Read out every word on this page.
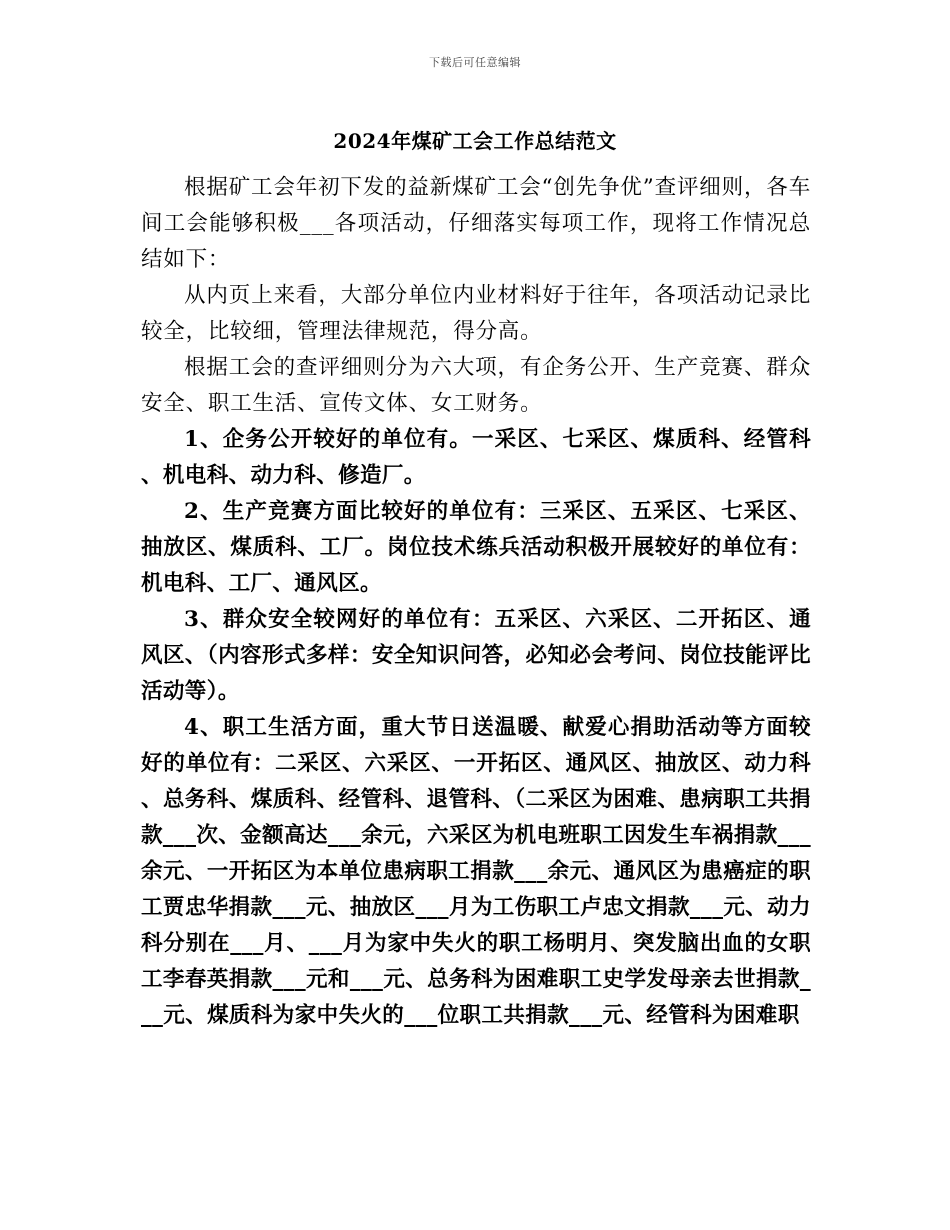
下载后可任意编辑
2024年煤矿工会工作总结范文

根据矿工会年初下发的益新煤矿工会“创先争优”查评细则，各车间工会能够积极___各项活动，仔细落实每项工作，现将工作情况总结如下：

从内页上来看，大部分单位内业材料好于往年，各项活动记录比较全，比较细，管理法律规范，得分高。

根据工会的查评细则分为六大项，有企务公开、生产竞赛、群众安全、职工生活、宣传文体、女工财务。

1、企务公开较好的单位有。一采区、七采区、煤质科、经管科、机电科、动力科、修造厂。

2、生产竞赛方面比较好的单位有：三采区、五采区、七采区、抽放区、煤质科、工厂。岗位技术练兵活动积极开展较好的单位有：机电科、工厂、通风区。

3、群众安全较网好的单位有：五采区、六采区、二开拓区、通风区、（内容形式多样：安全知识问答，必知必会考问、岗位技能评比活动等）。

4、职工生活方面，重大节日送温暖、献爱心捐助活动等方面较好的单位有：二采区、六采区、一开拓区、通风区、抽放区、动力科、总务科、煤质科、经管科、退管科、（二采区为困难、患病职工共捐款___次、金额高达___余元，六采区为机电班职工因发生车祸捐款___余元、一开拓区为本单位患病职工捐款___余元、通风区为患癌症的职工贾忠华捐款___元、抽放区___月为工伤职工卢忠文捐款___元、动力科分别在___月、___月为家中失火的职工杨明月、突发脑出血的女职工李春英捐款___元和___元、总务科为困难职工史学发母亲去世捐款___元、煤质科为家中失火的___位职工共捐款___元、经管科为困难职
